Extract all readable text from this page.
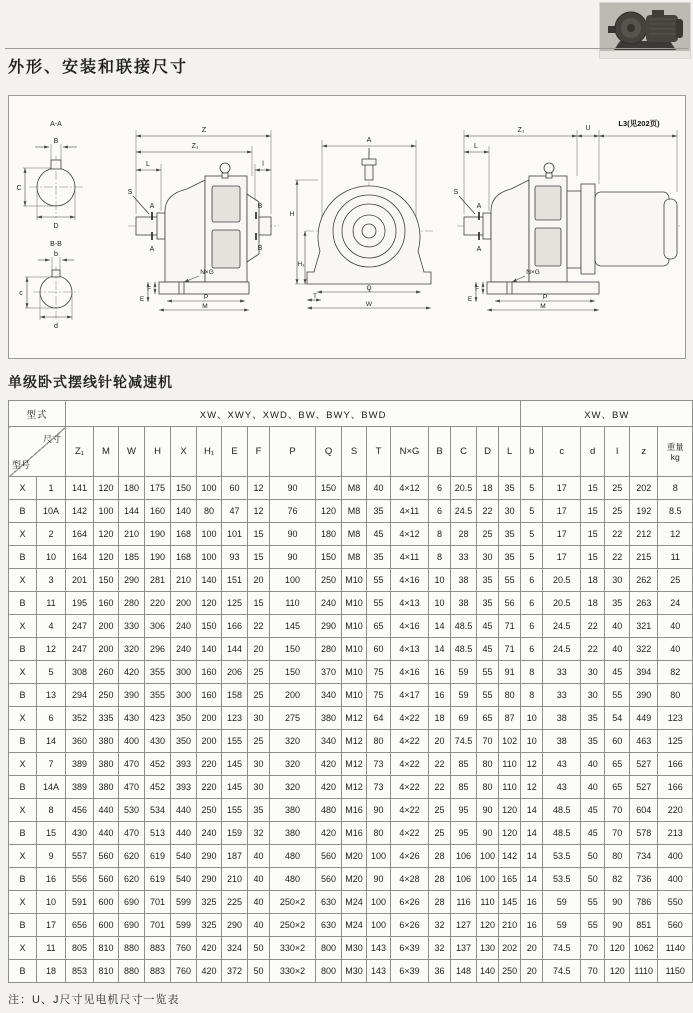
外形、安装和联接尺寸
A-A
B
C
D
B-B
b
c
d
Z
Z₁
L	l
A
A
B
B
S
N×G
F
E	P
M
A
H
H₁
Q
T
W
Z₁	U
L3(见202页)
L
A
A
S
N×G
F
E	P
M
单级卧式摆线针轮减速机
型式		XW、XWY、XWD、BW、BWY、BWD																	XW、BW					

尺寸
型号
	Z₁	M	W	H	X	H₁	E	F	P	Q	S	T	N×G	B	C	D	L	b	c	d	l	z	重量
kg

X	1	141	120	180	175	150	100	60	12	90	150	M8	40	4×12	6	20.5	18	35	5	17	15	25	202	8
B	10A	142	100	144	160	140	80	47	12	76	120	M8	35	4×11	6	24.5	22	30	5	17	15	25	192	8.5
X	2	164	120	210	190	168	100	101	15	90	180	M8	45	4×12	8	28	25	35	5	17	15	22	212	12
B	10	164	120	185	190	168	100	93	15	90	150	M8	35	4×11	8	33	30	35	5	17	15	22	215	11
X	3	201	150	290	281	210	140	151	20	100	250	M10	55	4×16	10	38	35	55	6	20.5	18	30	262	25
B	11	195	160	280	220	200	120	125	15	110	240	M10	55	4×13	10	38	35	56	6	20.5	18	35	263	24
X	4	247	200	330	306	240	150	166	22	145	290	M10	65	4×16	14	48.5	45	71	6	24.5	22	40	321	40
B	12	247	200	320	296	240	140	144	20	150	280	M10	60	4×13	14	48.5	45	71	6	24.5	22	40	322	40
X	5	308	260	420	355	300	160	206	25	150	370	M10	75	4×16	16	59	55	91	8	33	30	45	394	82
B	13	294	250	390	355	300	160	158	25	200	340	M10	75	4×17	16	59	55	80	8	33	30	55	390	80
X	6	352	335	430	423	350	200	123	30	275	380	M12	64	4×22	18	69	65	87	10	38	35	54	449	123
B	14	360	380	400	430	350	200	155	25	320	340	M12	80	4×22	20	74.5	70	102	10	38	35	60	463	125
X	7	389	380	470	452	393	220	145	30	320	420	M12	73	4×22	22	85	80	110	12	43	40	65	527	166
B	14A	389	380	470	452	393	220	145	30	320	420	M12	73	4×22	22	85	80	110	12	43	40	65	527	166
X	8	456	440	530	534	440	250	155	35	380	480	M16	90	4×22	25	95	90	120	14	48.5	45	70	604	220
B	15	430	440	470	513	440	240	159	32	380	420	M16	80	4×22	25	95	90	120	14	48.5	45	70	578	213
X	9	557	560	620	619	540	290	187	40	480	560	M20	100	4×26	28	106	100	142	14	53.5	50	80	734	400
B	16	556	560	620	619	540	290	210	40	480	560	M20	90	4×28	28	106	100	165	14	53.5	50	82	736	400
X	10	591	600	690	701	599	325	225	40	250×2	630	M24	100	6×26	28	116	110	145	16	59	55	90	786	550
B	17	656	600	690	701	599	325	290	40	250×2	630	M24	100	6×26	32	127	120	210	16	59	55	90	851	560
X	11	805	810	880	883	760	420	324	50	330×2	800	M30	143	6×39	32	137	130	202	20	74.5	70	120	1062	1140
B	18	853	810	880	883	760	420	372	50	330×2	800	M30	143	6×39	36	148	140	250	20	74.5	70	120	1110	1150
注：U、J尺寸见电机尺寸一览表
